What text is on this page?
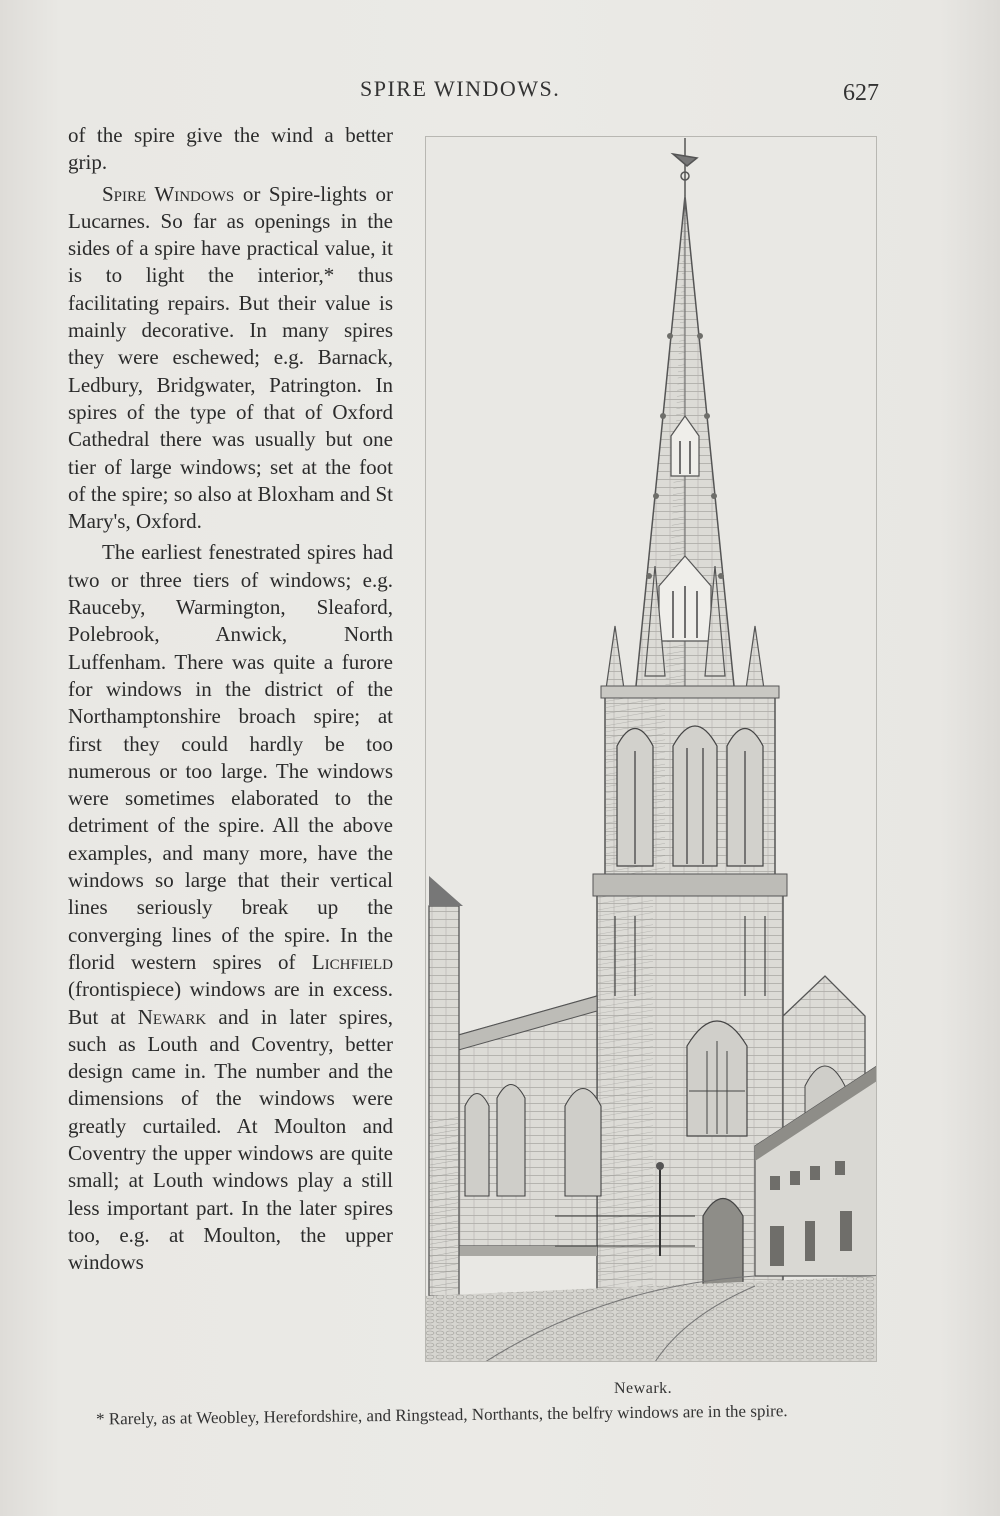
SPIRE WINDOWS.	627

of the spire give the wind a better grip.

Spire Windows or Spire-lights or Lucarnes. So far as openings in the sides of a spire have practical value, it is to light the interior,* thus facilitating repairs. But their value is mainly decorative. In many spires they were eschewed; e.g. Barnack, Ledbury, Bridgwater, Patrington. In spires of the type of that of Oxford Cathedral there was usually but one tier of large windows; set at the foot of the spire; so also at Bloxham and St Mary's, Oxford.

The earliest fenestrated spires had two or three tiers of windows; e.g. Rauceby, Warmington, Sleaford, Polebrook, Anwick, North Luffenham. There was quite a furore for windows in the district of the Northamptonshire broach spire; at first they could hardly be too numerous or too large. The windows were sometimes elaborated to the detriment of the spire. All the above examples, and many more, have the windows so large that their vertical lines seriously break up the converging lines of the spire. In the florid western spires of Lichfield (frontispiece) windows are in excess. But at Newark and in later spires, such as Louth and Coventry, better design came in. The number and the dimensions of the windows were greatly curtailed. At Moulton and Coventry the upper windows are quite small; at Louth windows play a still less important part. In the later spires too, e.g. at Moulton, the upper windows

Newark.
* Rarely, as at Weobley, Herefordshire, and Ringstead, Northants, the belfry windows are in the spire.
